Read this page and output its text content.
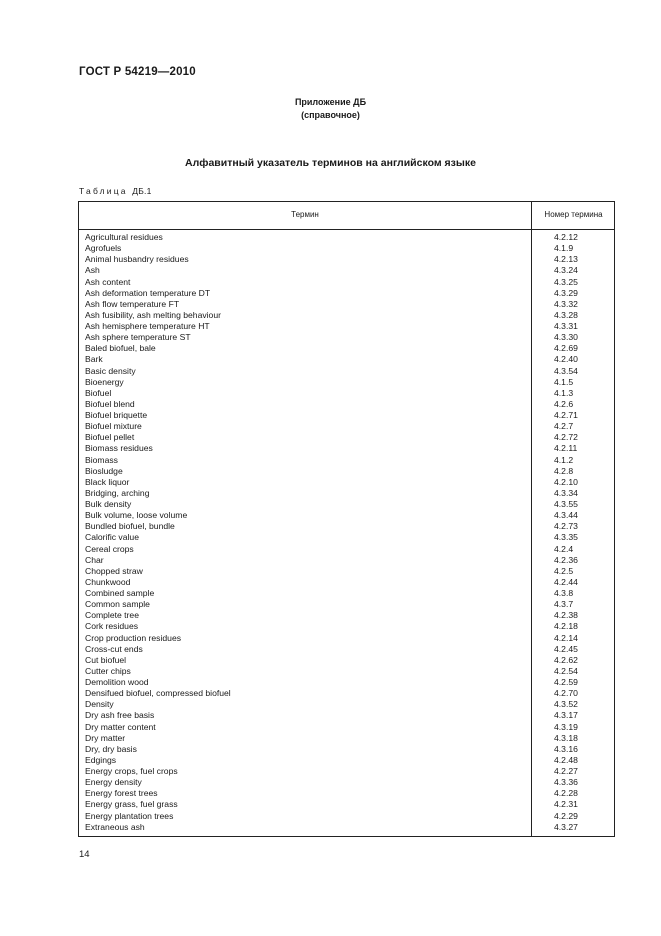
ГОСТ Р 54219—2010
Приложение ДБ
(справочное)
Алфавитный указатель терминов на английском языке
Таблица ДБ.1
Термин	Номер термина
Agricultural residues	4.2.12
Agrofuels	4.1.9
Animal husbandry residues	4.2.13
Ash	4.3.24
Ash content	4.3.25
Ash deformation temperature DT	4.3.29
Ash flow temperature FT	4.3.32
Ash fusibility, ash melting behaviour	4.3.28
Ash hemisphere temperature HT	4.3.31
Ash sphere temperature ST	4.3.30
Baled biofuel, bale	4.2.69
Bark	4.2.40
Basic density	4.3.54
Bioenergy	4.1.5
Biofuel	4.1.3
Biofuel blend	4.2.6
Biofuel briquette	4.2.71
Biofuel mixture	4.2.7
Biofuel pellet	4.2.72
Biomass residues	4.2.11
Biomass	4.1.2
Biosludge	4.2.8
Black liquor	4.2.10
Bridging, arching	4.3.34
Bulk density	4.3.55
Bulk volume, loose volume	4.3.44
Bundled biofuel, bundle	4.2.73
Calorific value	4.3.35
Cereal crops	4.2.4
Char	4.2.36
Chopped straw	4.2.5
Chunkwood	4.2.44
Combined sample	4.3.8
Common sample	4.3.7
Complete tree	4.2.38
Cork residues	4.2.18
Crop production residues	4.2.14
Cross-cut ends	4.2.45
Cut biofuel	4.2.62
Cutter chips	4.2.54
Demolition wood	4.2.59
Densifued biofuel, compressed biofuel	4.2.70
Density	4.3.52
Dry ash free basis	4.3.17
Dry matter content	4.3.19
Dry matter	4.3.18
Dry, dry basis	4.3.16
Edgings	4.2.48
Energy crops, fuel crops	4.2.27
Energy density	4.3.36
Energy forest trees	4.2.28
Energy grass, fuel grass	4.2.31
Energy plantation trees	4.2.29
Extraneous ash	4.3.27
14
